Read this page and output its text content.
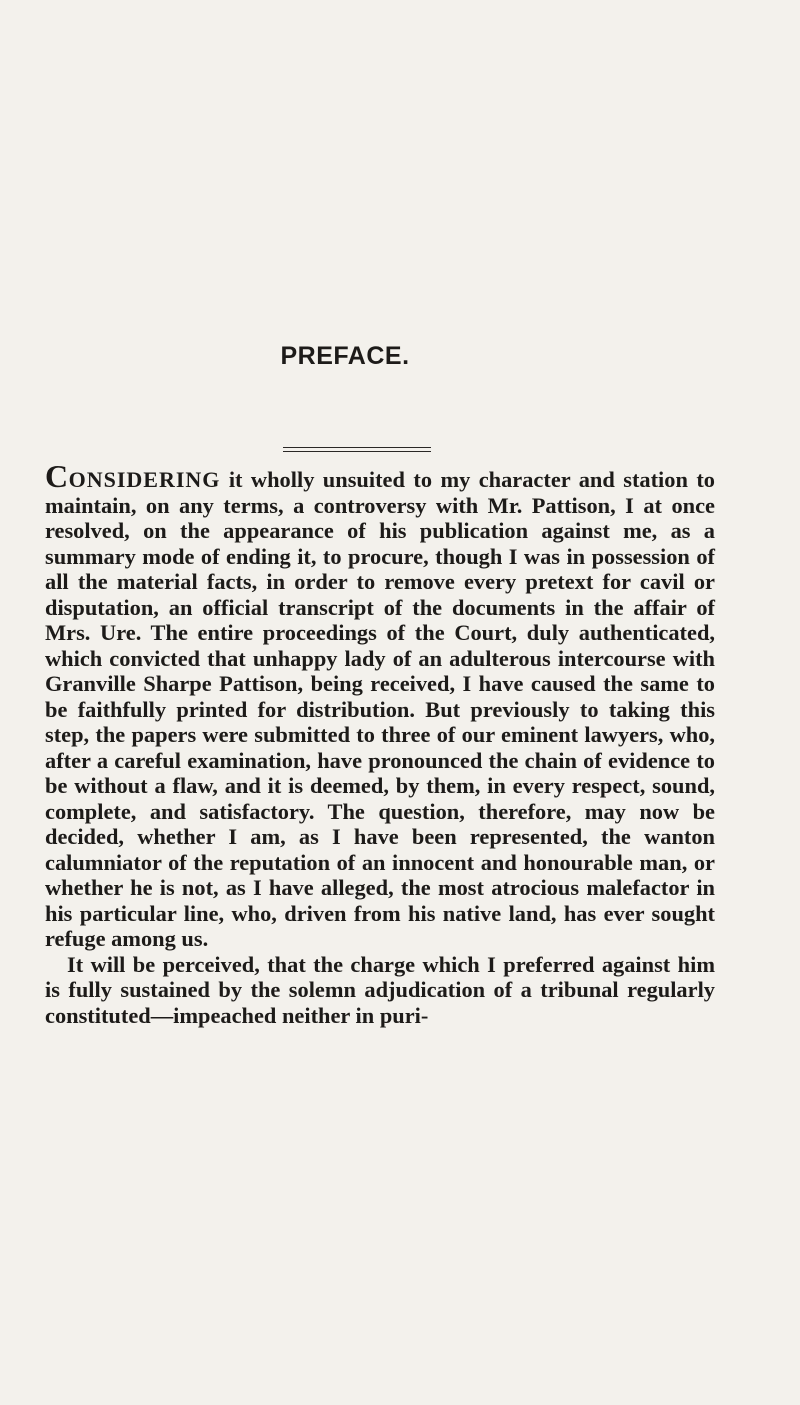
PREFACE.

CONSIDERING it wholly unsuited to my character and station to maintain, on any terms, a controversy with Mr. Pattison, I at once resolved, on the appearance of his publication against me, as a summary mode of ending it, to procure, though I was in possession of all the material facts, in order to remove every pretext for cavil or disputation, an official transcript of the documents in the affair of Mrs. Ure. The entire proceedings of the Court, duly authenticated, which convicted that unhappy lady of an adulterous intercourse with Granville Sharpe Pattison, being received, I have caused the same to be faithfully printed for distribution. But previously to taking this step, the papers were submitted to three of our eminent lawyers, who, after a careful examination, have pronounced the chain of evidence to be without a flaw, and it is deemed, by them, in every respect, sound, complete, and satisfactory. The question, therefore, may now be decided, whether I am, as I have been represented, the wanton calumniator of the reputation of an innocent and honourable man, or whether he is not, as I have alleged, the most atrocious malefactor in his particular line, who, driven from his native land, has ever sought refuge among us.

It will be perceived, that the charge which I preferred against him is fully sustained by the solemn adjudication of a tribunal regularly constituted—impeached neither in puri-
